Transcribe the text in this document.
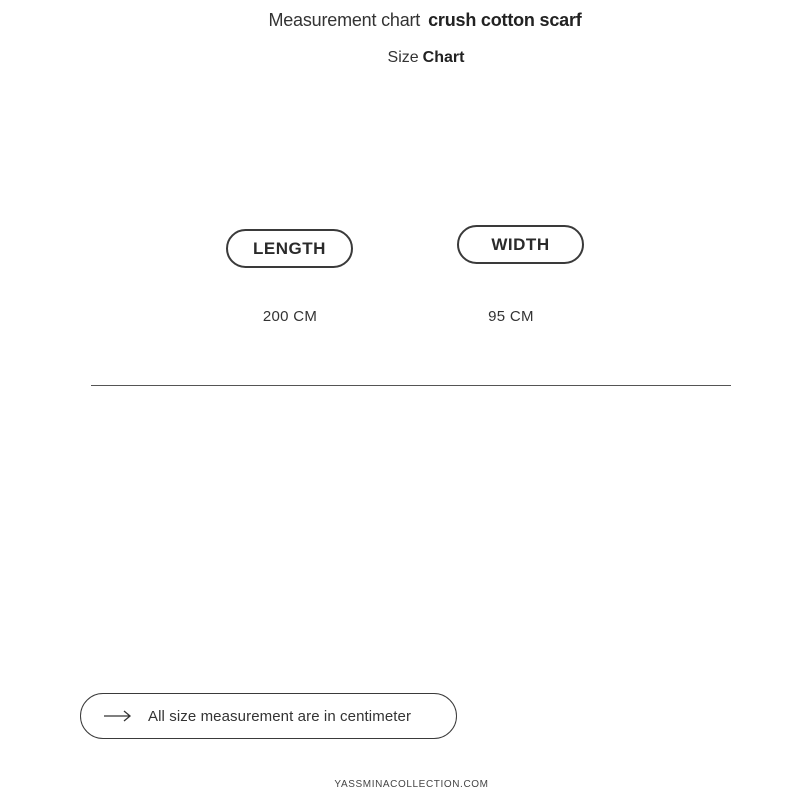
Measurement chart crush cotton scarf
Size Chart
LENGTH	WIDTH
200 CM	95 CM
All size measurement are in centimeter
YASSMINACOLLECTION.COM
